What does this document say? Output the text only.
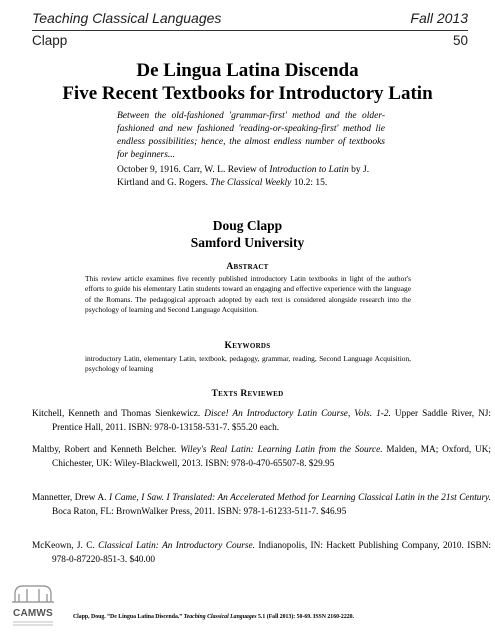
Teaching Classical Languages	Fall 2013
Clapp	50
De Lingua Latina Discenda
Five Recent Textbooks for Introductory Latin
Between the old-fashioned 'grammar-first' method and the older-fashioned and new fashioned 'reading-or-speaking-first' method lie endless possibilities; hence, the almost endless number of textbooks for beginners...
October 9, 1916. Carr, W. L. Review of Introduction to Latin by J. Kirtland and G. Rogers. The Classical Weekly 10.2: 15.
Doug Clapp
Samford University
Abstract
This review article examines five recently published introductory Latin textbooks in light of the author's efforts to guide his elementary Latin students toward an engaging and effective experience with the language of the Romans. The pedagogical approach adopted by each text is considered alongside research into the psychology of learning and Second Language Acquisition.
Keywords
introductory Latin, elementary Latin, textbook, pedagogy, grammar, reading, Second Language Acquisition, psychology of learning
Texts Reviewed
Kitchell, Kenneth and Thomas Sienkewicz. Disce! An Introductory Latin Course, Vols. 1-2. Upper Saddle River, NJ: Prentice Hall, 2011. ISBN: 978-0-13158-531-7. $55.20 each.
Maltby, Robert and Kenneth Belcher. Wiley's Real Latin: Learning Latin from the Source. Malden, MA; Oxford, UK; Chichester, UK: Wiley-Blackwell, 2013. ISBN: 978-0-470-65507-8. $29.95
Mannetter, Drew A. I Came, I Saw. I Translated: An Accelerated Method for Learning Classical Latin in the 21st Century. Boca Raton, FL: BrownWalker Press, 2011. ISBN: 978-1-61233-511-7. $46.95
McKeown, J. C. Classical Latin: An Introductory Course. Indianopolis, IN: Hackett Publishing Company, 2010. ISBN: 978-0-87220-851-3. $40.00
CAMWS	Clapp, Doug. “De Lingua Latina Discenda.” Teaching Classical Languages 5.1 (Fall 2013): 50-69. ISSN 2160-2220.
